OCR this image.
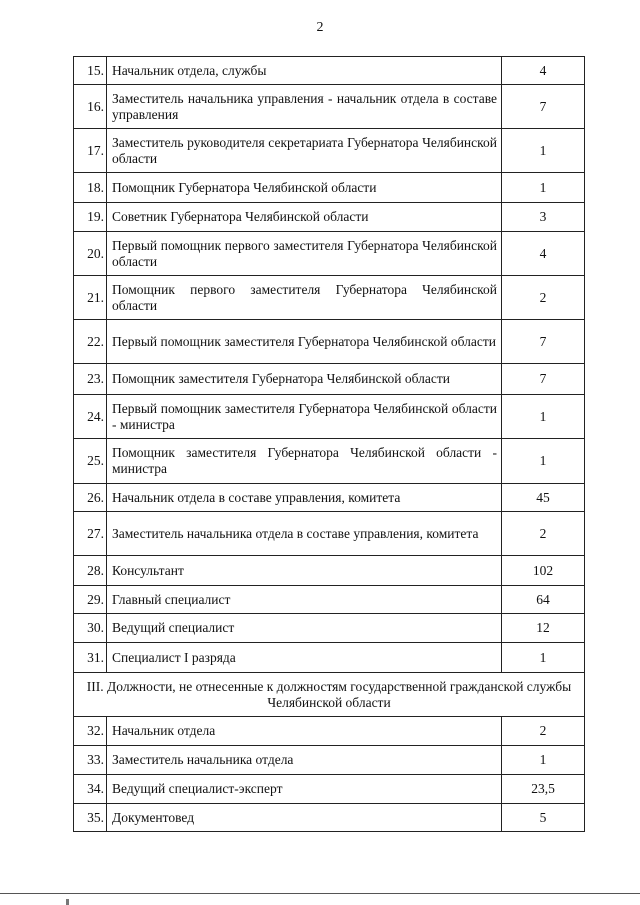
2
15.	Начальник отдела, службы	4
16.	Заместитель начальника управления - начальник отдела в составе управления	7
17.	Заместитель руководителя секретариата Губернатора Челябинской области	1
18.	Помощник Губернатора Челябинской области	1
19.	Советник Губернатора Челябинской области	3
20.	Первый помощник первого заместителя Губернатора Челябинской области	4
21.	Помощник первого заместителя Губернатора Челябинской области	2
22.	Первый помощник заместителя Губернатора Челябинской области	7
23.	Помощник заместителя Губернатора Челябинской области	7
24.	Первый помощник заместителя Губернатора Челябинской области - министра	1
25.	Помощник заместителя Губернатора Челябинской области - министра	1
26.	Начальник отдела в составе управления, комитета	45
27.	Заместитель начальника отдела в составе управления, комитета	2
28.	Консультант	102
29.	Главный специалист	64
30.	Ведущий специалист	12
31.	Специалист I разряда	1
III. Должности, не отнесенные к должностям государственной гражданской службы Челябинской области		
32.	Начальник отдела	2
33.	Заместитель начальника отдела	1
34.	Ведущий специалист-эксперт	23,5
35.	Документовед	5
